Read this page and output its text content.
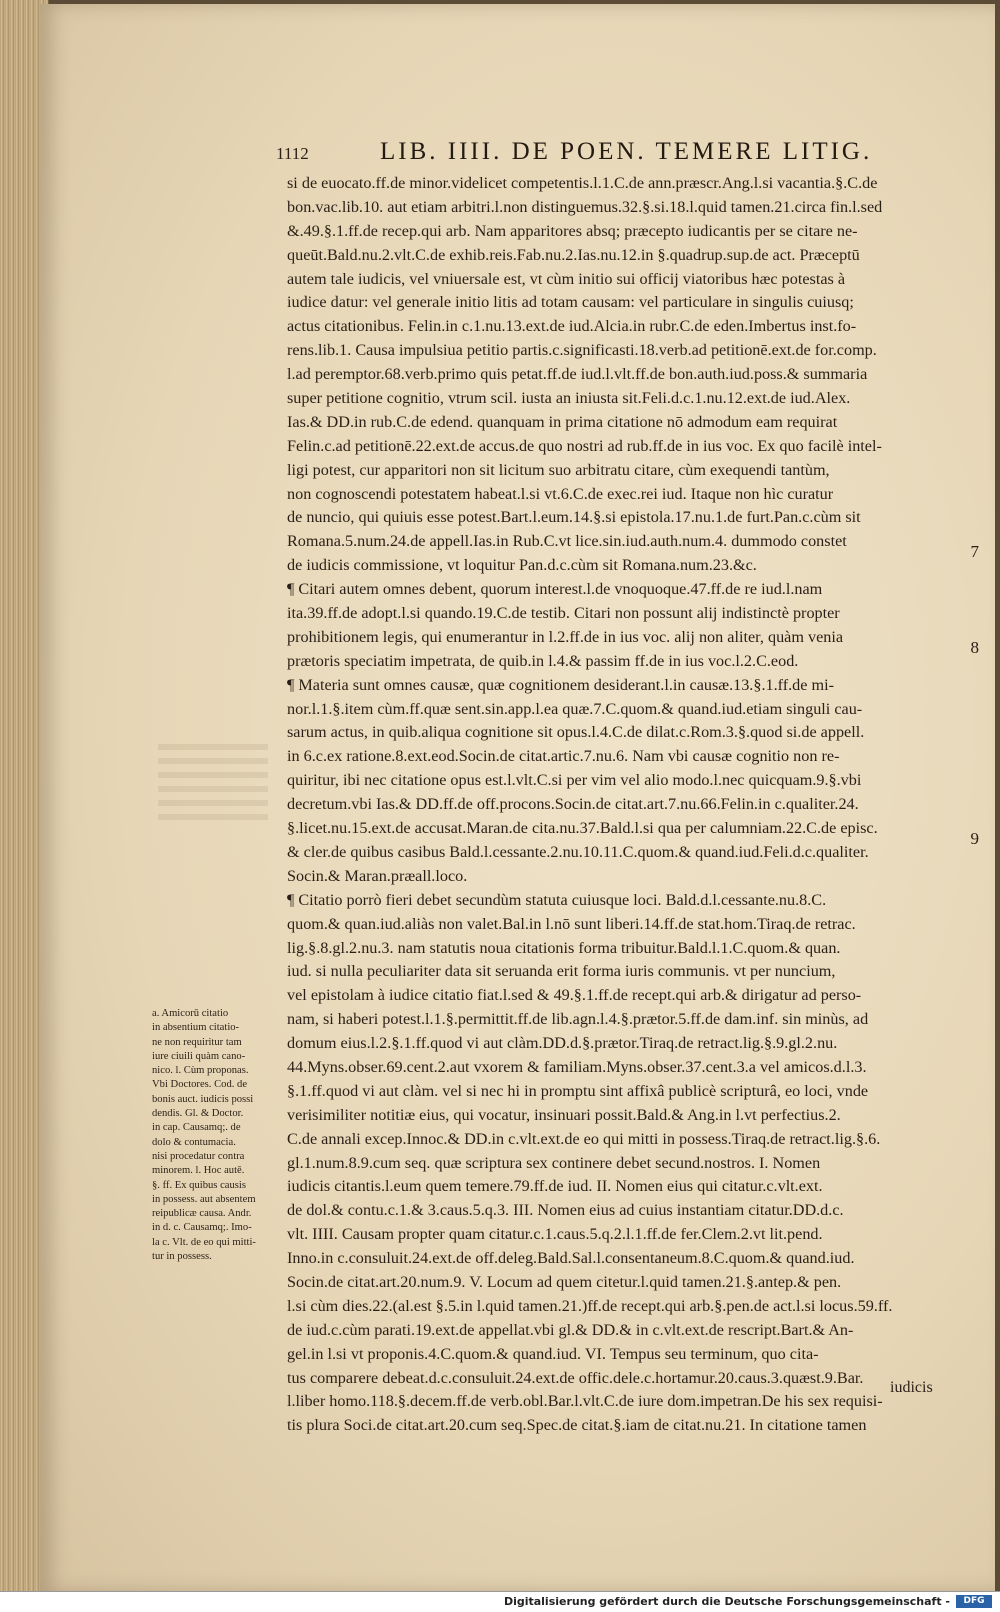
1112	LIB. IIII. DE POEN. TEMERE LITIG.
si de euocato.ff.de minor.videlicet competentis.l.1.C.de ann.præscr.Ang.l.si vacantia.§.C.de
bon.vac.lib.10. aut etiam arbitri.l.non distinguemus.32.§.si.18.l.quid tamen.21.circa fin.l.sed
&.49.§.1.ff.de recep.qui arb. Nam apparitores absq; præcepto iudicantis per se citare ne-
queūt.Bald.nu.2.vlt.C.de exhib.reis.Fab.nu.2.Ias.nu.12.in §.quadrup.sup.de act. Præceptū
autem tale iudicis, vel vniuersale est, vt cùm initio sui officij viatoribus hæc potestas à
iudice datur: vel generale initio litis ad totam causam: vel particulare in singulis cuiusq;
actus citationibus. Felin.in c.1.nu.13.ext.de iud.Alcia.in rubr.C.de eden.Imbertus inst.fo-
rens.lib.1. Causa impulsiua petitio partis.c.significasti.18.verb.ad petitionē.ext.de for.comp.
l.ad peremptor.68.verb.primo quis petat.ff.de iud.l.vlt.ff.de bon.auth.iud.poss.& summaria
super petitione cognitio, vtrum scil. iusta an iniusta sit.Feli.d.c.1.nu.12.ext.de iud.Alex.
Ias.& DD.in rub.C.de edend. quanquam in prima citatione nō admodum eam requirat
Felin.c.ad petitionē.22.ext.de accus.de quo nostri ad rub.ff.de in ius voc. Ex quo facilè intel-
ligi potest, cur apparitori non sit licitum suo arbitratu citare, cùm exequendi tantùm,
non cognoscendi potestatem habeat.l.si vt.6.C.de exec.rei iud. Itaque non hìc curatur
de nuncio, qui quiuis esse potest.Bart.l.eum.14.§.si epistola.17.nu.1.de furt.Pan.c.cùm sit
Romana.5.num.24.de appell.Ias.in Rub.C.vt lice.sin.iud.auth.num.4. dummodo constet
de iudicis commissione, vt loquitur Pan.d.c.cùm sit Romana.num.23.&c.
¶ Citari autem omnes debent, quorum interest.l.de vnoquoque.47.ff.de re iud.l.nam
ita.39.ff.de adopt.l.si quando.19.C.de testib. Citari non possunt alij indistinctè propter
prohibitionem legis, qui enumerantur in l.2.ff.de in ius voc. alij non aliter, quàm venia
prætoris speciatim impetrata, de quib.in l.4.& passim ff.de in ius voc.l.2.C.eod.
¶ Materia sunt omnes causæ, quæ cognitionem desiderant.l.in causæ.13.§.1.ff.de mi-
nor.l.1.§.item cùm.ff.quæ sent.sin.app.l.ea quæ.7.C.quom.& quand.iud.etiam singuli cau-
sarum actus, in quib.aliqua cognitione sit opus.l.4.C.de dilat.c.Rom.3.§.quod si.de appell.
in 6.c.ex ratione.8.ext.eod.Socin.de citat.artic.7.nu.6. Nam vbi causæ cognitio non re-
quiritur, ibi nec citatione opus est.l.vlt.C.si per vim vel alio modo.l.nec quicquam.9.§.vbi
decretum.vbi Ias.& DD.ff.de off.procons.Socin.de citat.art.7.nu.66.Felin.in c.qualiter.24.
§.licet.nu.15.ext.de accusat.Maran.de cita.nu.37.Bald.l.si qua per calumniam.22.C.de episc.
& cler.de quibus casibus Bald.l.cessante.2.nu.10.11.C.quom.& quand.iud.Feli.d.c.qualiter.
Socin.& Maran.præall.loco.
¶ Citatio porrò fieri debet secundùm statuta cuiusque loci. Bald.d.l.cessante.nu.8.C.
quom.& quan.iud.aliàs non valet.Bal.in l.nō sunt liberi.14.ff.de stat.hom.Tiraq.de retrac.
lig.§.8.gl.2.nu.3. nam statutis noua citationis forma tribuitur.Bald.l.1.C.quom.& quan.
iud. si nulla peculiariter data sit seruanda erit forma iuris communis. vt per nuncium,
vel epistolam à iudice citatio fiat.l.sed & 49.§.1.ff.de recept.qui arb.& dirigatur ad perso-
nam, si haberi potest.l.1.§.permittit.ff.de lib.agn.l.4.§.prætor.5.ff.de dam.inf. sin minùs, ad
domum eius.l.2.§.1.ff.quod vi aut clàm.DD.d.§.prætor.Tiraq.de retract.lig.§.9.gl.2.nu.
44.Myns.obser.69.cent.2.aut vxorem & familiam.Myns.obser.37.cent.3.a vel amicos.d.l.3.
§.1.ff.quod vi aut clàm. vel si nec hi in promptu sint affixâ publicè scripturâ, eo loci, vnde
verisimiliter notitiæ eius, qui vocatur, insinuari possit.Bald.& Ang.in l.vt perfectius.2.
C.de annali excep.Innoc.& DD.in c.vlt.ext.de eo qui mitti in possess.Tiraq.de retract.lig.§.6.
gl.1.num.8.9.cum seq. quæ scriptura sex continere debet secund.nostros. I. Nomen
iudicis citantis.l.eum quem temere.79.ff.de iud. II. Nomen eius qui citatur.c.vlt.ext.
de dol.& contu.c.1.& 3.caus.5.q.3. III. Nomen eius ad cuius instantiam citatur.DD.d.c.
vlt. IIII. Causam propter quam citatur.c.1.caus.5.q.2.l.1.ff.de fer.Clem.2.vt lit.pend.
Inno.in c.consuluit.24.ext.de off.deleg.Bald.Sal.l.consentaneum.8.C.quom.& quand.iud.
Socin.de citat.art.20.num.9. V. Locum ad quem citetur.l.quid tamen.21.§.antep.& pen.
l.si cùm dies.22.(al.est §.5.in l.quid tamen.21.)ff.de recept.qui arb.§.pen.de act.l.si locus.59.ff.
de iud.c.cùm parati.19.ext.de appellat.vbi gl.& DD.& in c.vlt.ext.de rescript.Bart.& An-
gel.in l.si vt proponis.4.C.quom.& quand.iud. VI. Tempus seu terminum, quo cita-
tus comparere debeat.d.c.consuluit.24.ext.de offic.dele.c.hortamur.20.caus.3.quæst.9.Bar.
l.liber homo.118.§.decem.ff.de verb.obl.Bar.l.vlt.C.de iure dom.impetran.De his sex requisi-
tis plura Soci.de citat.art.20.cum seq.Spec.de citat.§.iam de citat.nu.21. In citatione tamen
7
8
9
a. Amicorū citatio
in absentium citatio-
ne non requiritur tam
iure ciuili quàm cano-
nico. l. Cùm proponas.
Vbi Doctores. Cod. de
bonis auct. iudicis possi
dendis. Gl. & Doctor.
in cap. Causamq;. de
dolo & contumacia.
nisi procedatur contra
minorem. l. Hoc autē.
§. ff. Ex quibus causis
in possess. aut absentem
reipublicæ causa. Andr.
in d. c. Causamq;. Imo-
la c. Vlt. de eo qui mitti-
tur in possess.
iudicis
Digitalisierung gefördert durch die Deutsche Forschungsgemeinschaft -	DFG
